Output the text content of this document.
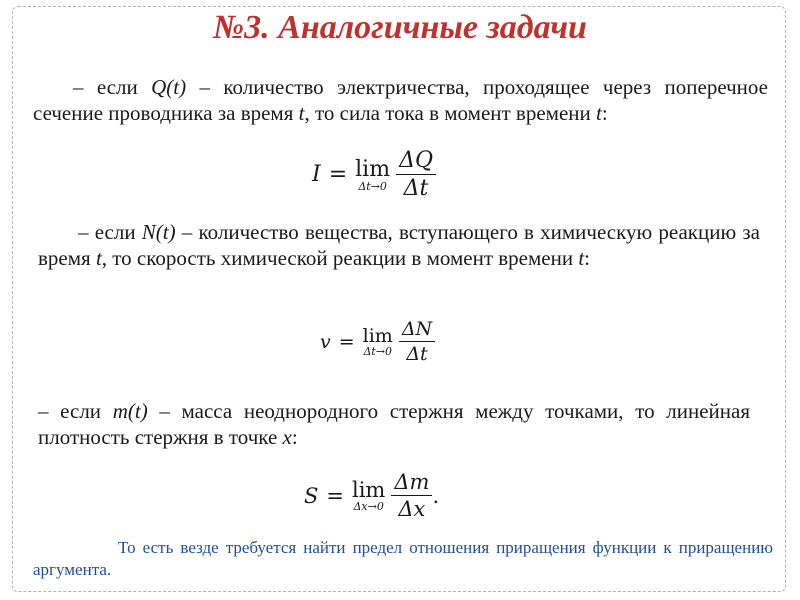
№3. Аналогичные задачи
– если Q(t) – количество электричества, проходящее через поперечное сечение проводника за время t, то сила тока в момент времени t:
I = lim
$\Delta t\to 0 \frac{\Delta Q}{\Delta t}$
– если N(t) – количество вещества, вступающего в химическую реакцию за время t, то скорость химической реакции в момент времени t:
v = lim
$\Delta t\to 0 \frac{\Delta N}{\Delta t}$
– если m(t) – масса неоднородного стержня между точками, то линейная плотность стержня в точке x:
S = lim
$\Delta x\to 0 \frac{\Delta m}{\Delta x}$ .
То есть везде требуется найти предел отношения приращения функции к приращению аргумента.
